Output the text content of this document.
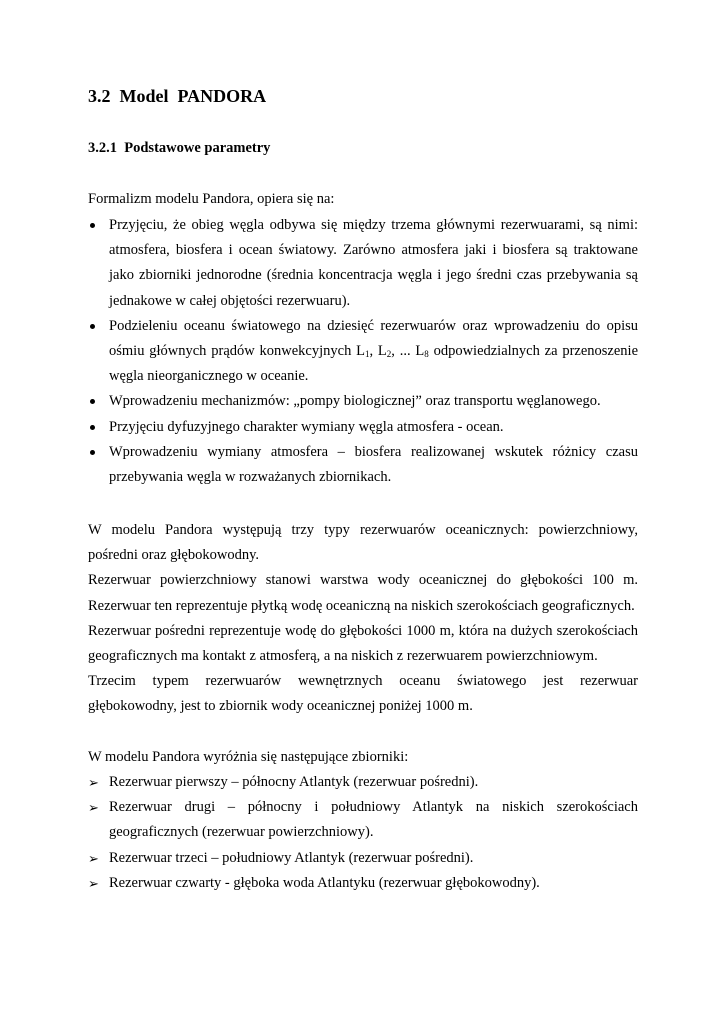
3.2  Model  PANDORA
3.2.1  Podstawowe parametry
Formalizm modelu Pandora, opiera się na:
Przyjęciu, że obieg węgla odbywa się między trzema głównymi rezerwuarami, są nimi: atmosfera, biosfera i ocean światowy. Zarówno atmosfera jaki i biosfera są traktowane jako zbiorniki jednorodne (średnia koncentracja węgla i jego średni czas przebywania są jednakowe w całej objętości rezerwuaru).
Podzieleniu oceanu światowego na dziesięć rezerwuarów oraz wprowadzeniu do opisu ośmiu głównych prądów konwekcyjnych $L_1$, $L_2$, ... $L_8$ odpowiedzialnych za przenoszenie węgla nieorganicznego w oceanie.
Wprowadzeniu mechanizmów: „pompy biologicznej” oraz transportu węglanowego.
Przyjęciu dyfuzyjnego charakter wymiany węgla atmosfera - ocean.
Wprowadzeniu wymiany atmosfera – biosfera realizowanej wskutek różnicy czasu przebywania węgla w rozważanych zbiornikach.
W modelu Pandora występują trzy typy rezerwuarów oceanicznych: powierzchniowy, pośredni oraz głębokowodny.
Rezerwuar powierzchniowy stanowi warstwa wody oceanicznej do głębokości 100 m. Rezerwuar ten reprezentuje płytką wodę oceaniczną na niskich szerokościach geograficznych.
Rezerwuar pośredni reprezentuje wodę do głębokości 1000 m, która na dużych szerokościach geograficznych ma kontakt z atmosferą, a na niskich z rezerwuarem powierzchniowym.
Trzecim typem rezerwuarów wewnętrznych oceanu światowego jest rezerwuar głębokowodny, jest to zbiornik wody oceanicznej poniżej 1000 m.
W modelu Pandora wyróżnia się następujące zbiorniki:
➢ Rezerwuar pierwszy – północny Atlantyk (rezerwuar pośredni).
➢ Rezerwuar drugi – północny i południowy Atlantyk na niskich szerokościach geograficznych (rezerwuar powierzchniowy).
➢ Rezerwuar trzeci – południowy Atlantyk (rezerwuar pośredni).
➢ Rezerwuar czwarty - głęboka woda Atlantyku (rezerwuar głębokowodny).
